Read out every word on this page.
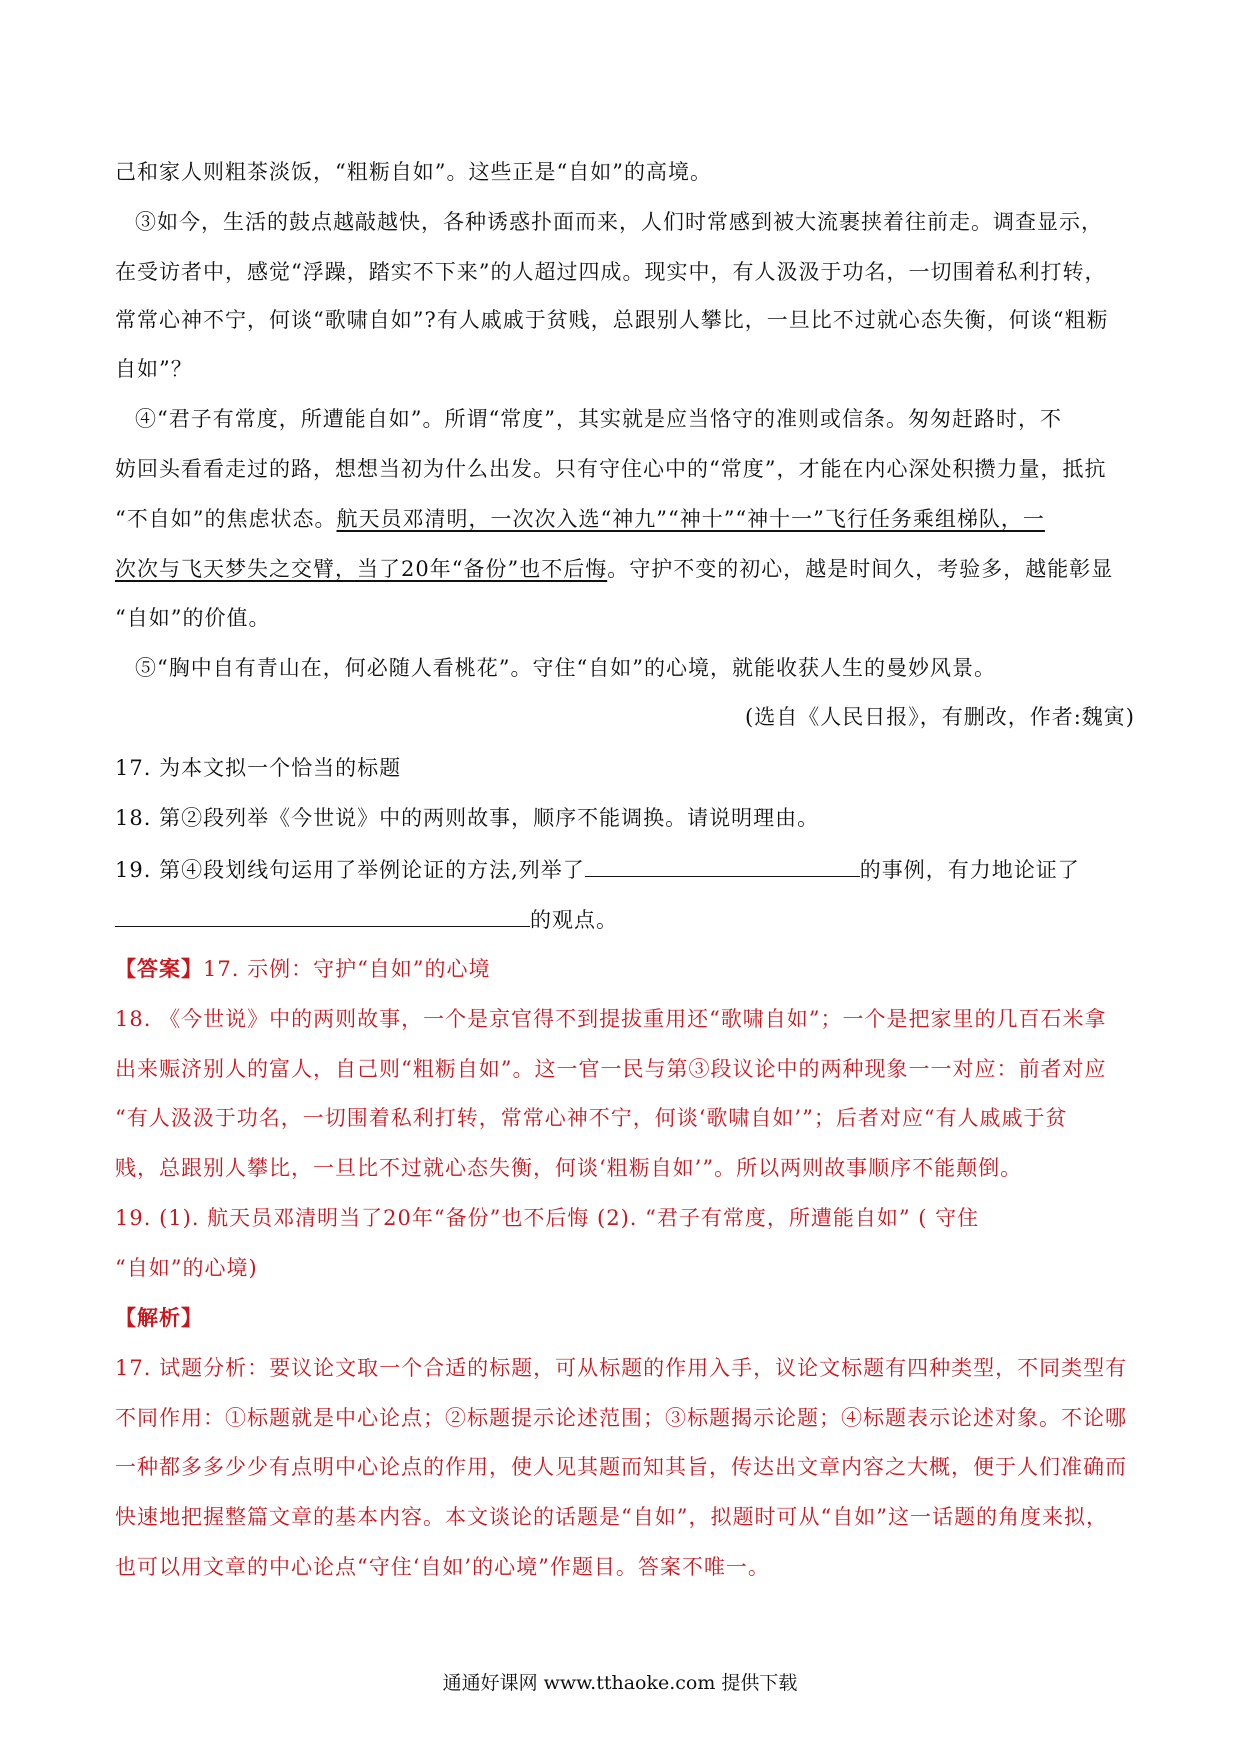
己和家人则粗茶淡饭，“粗粝自如”。这些正是“自如”的高境。
③如今，生活的鼓点越敲越快，各种诱惑扑面而来，人们时常感到被大流裹挟着往前走。调查显示，
在受访者中，感觉“浮躁，踏实不下来”的人超过四成。现实中，有人汲汲于功名，一切围着私利打转，
常常心神不宁，何谈“歌啸自如”?有人戚戚于贫贱，总跟别人攀比，一旦比不过就心态失衡，何谈“粗粝
自如”？
④“君子有常度，所遭能自如”。所谓“常度”，其实就是应当恪守的准则或信条。匆匆赶路时，不
妨回头看看走过的路，想想当初为什么出发。只有守住心中的“常度”，才能在内心深处积攒力量，抵抗
“不自如”的焦虑状态。航天员邓清明，一次次入选“神九”“神十”“神十一”飞行任务乘组梯队，一
次次与飞天梦失之交臂，当了20年“备份”也不后悔。守护不变的初心，越是时间久，考验多，越能彰显
“自如”的价值。
⑤“胸中自有青山在，何必随人看桃花”。守住“自如”的心境，就能收获人生的曼妙风景。
(选自《人民日报》，有删改，作者:魏寅)
17. 为本文拟一个恰当的标题
18. 第②段列举《今世说》中的两则故事，顺序不能调换。请说明理由。
19. 第④段划线句运用了举例论证的方法,列举了	的事例，有力地论证了
的观点。
【答案】17. 示例：守护“自如”的心境
18. 《今世说》中的两则故事，一个是京官得不到提拔重用还“歌啸自如”；一个是把家里的几百石米拿
出来赈济别人的富人，自己则“粗粝自如”。这一官一民与第③段议论中的两种现象一一对应：前者对应
“有人汲汲于功名，一切围着私利打转，常常心神不宁，何谈‘歌啸自如’”；后者对应“有人戚戚于贫
贱，总跟别人攀比，一旦比不过就心态失衡，何谈‘粗粝自如’”。所以两则故事顺序不能颠倒。
19. (1). 航天员邓清明当了20年“备份”也不后悔 (2). “君子有常度，所遭能自如” ( 守住
“自如”的心境)
【解析】
17. 试题分析：要议论文取一个合适的标题，可从标题的作用入手，议论文标题有四种类型，不同类型有
不同作用：①标题就是中心论点；②标题提示论述范围；③标题揭示论题；④标题表示论述对象。不论哪
一种都多多少少有点明中心论点的作用，使人见其题而知其旨，传达出文章内容之大概，便于人们准确而
快速地把握整篇文章的基本内容。本文谈论的话题是“自如”，拟题时可从“自如”这一话题的角度来拟，
也可以用文章的中心论点“守住‘自如’的心境”作题目。答案不唯一。
通通好课网 www.tthaoke.com 提供下载
